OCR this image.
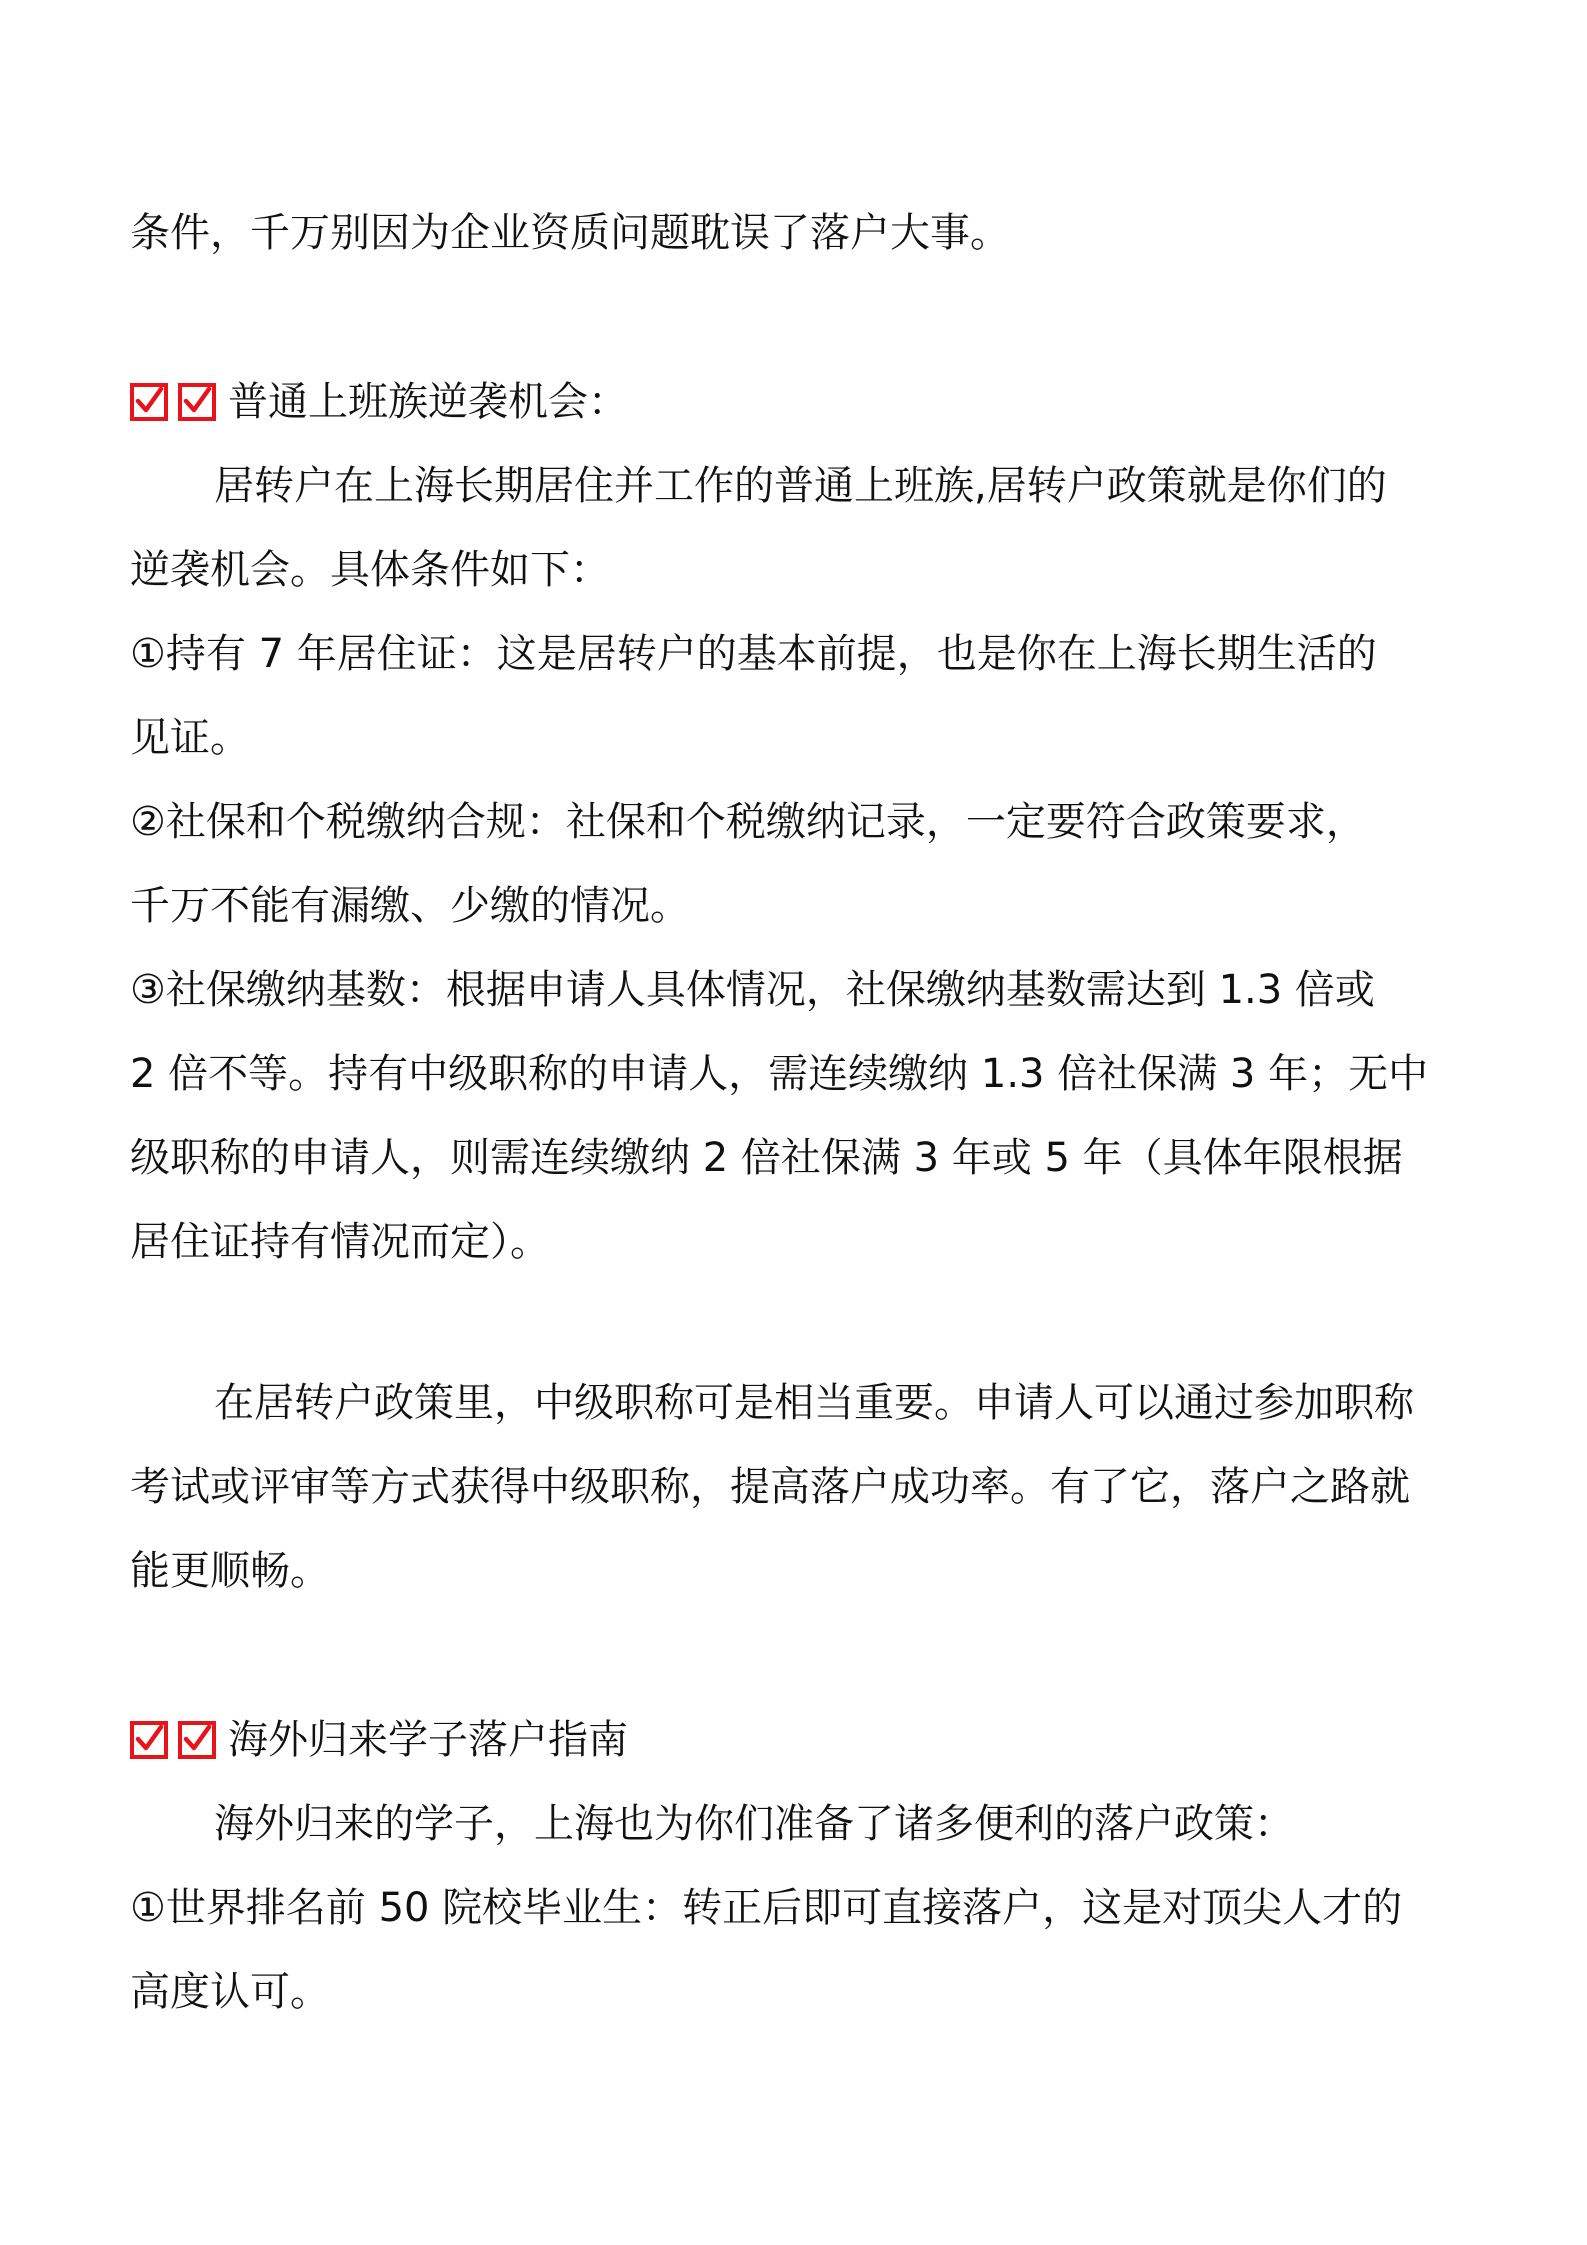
条件，千万别因为企业资质问题耽误了落户大事。
普通上班族逆袭机会：
居转户在上海长期居住并工作的普通上班族,居转户政策就是你们的
逆袭机会。具体条件如下：
①持有 7 年居住证：这是居转户的基本前提，也是你在上海长期生活的
见证。
②社保和个税缴纳合规：社保和个税缴纳记录，一定要符合政策要求，
千万不能有漏缴、少缴的情况。
③社保缴纳基数：根据申请人具体情况，社保缴纳基数需达到 1.3 倍或
2 倍不等。持有中级职称的申请人，需连续缴纳 1.3 倍社保满 3 年；无中
级职称的申请人，则需连续缴纳 2 倍社保满 3 年或 5 年（具体年限根据
居住证持有情况而定）。
在居转户政策里，中级职称可是相当重要。申请人可以通过参加职称
考试或评审等方式获得中级职称，提高落户成功率。有了它，落户之路就
能更顺畅。
海外归来学子落户指南
海外归来的学子，上海也为你们准备了诸多便利的落户政策：
①世界排名前 50 院校毕业生：转正后即可直接落户，这是对顶尖人才的
高度认可。
